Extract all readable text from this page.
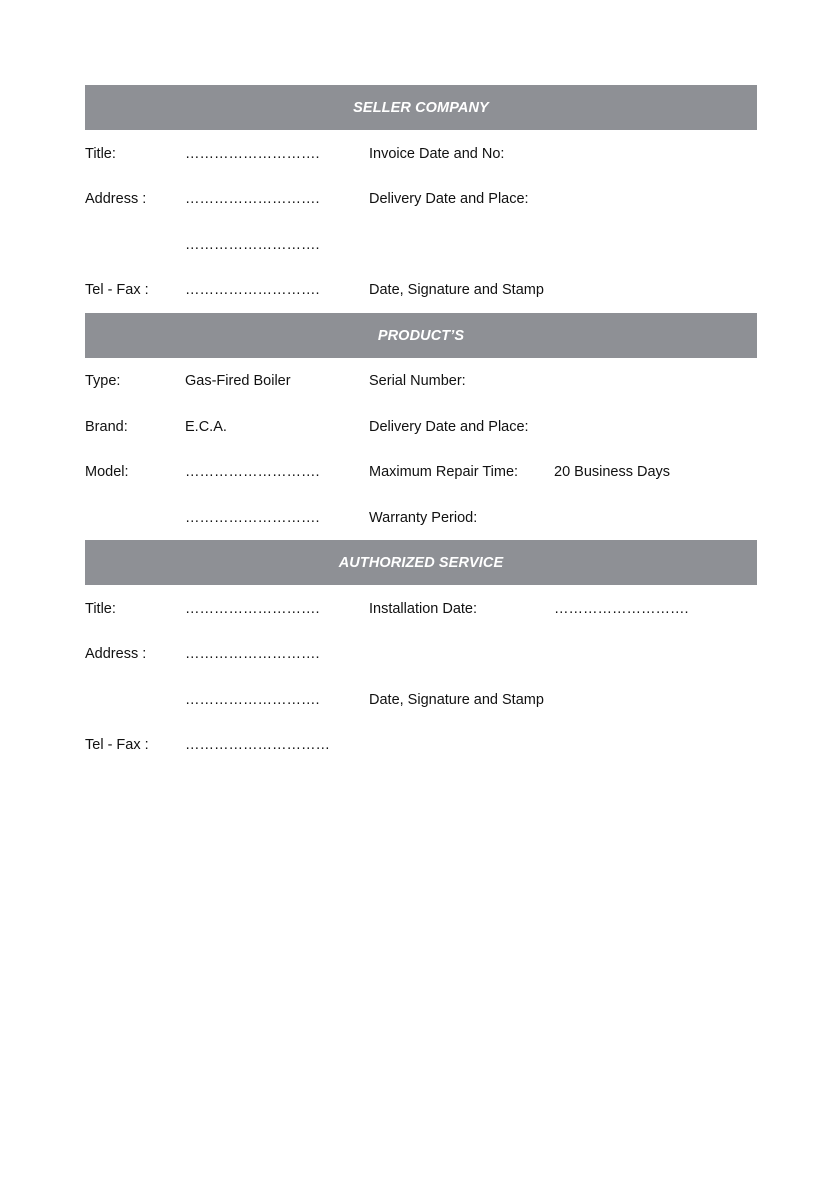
SELLER COMPANY
Title:	……………………….	Invoice Date and No:
Address :	……………………….	Delivery Date and Place:
……………………….
Tel - Fax :	……………………….	Date, Signature and Stamp
PRODUCT’S
Type:	Gas-Fired Boiler	Serial Number:
Brand:	E.C.A.	Delivery Date and Place:
Model:	……………………….	Maximum Repair Time: 20 Business Days
……………………….	Warranty Period:
AUTHORIZED SERVICE
Title:	……………………….	Installation Date:	……………………….
Address :	……………………….
……………………….	Date, Signature and Stamp
Tel - Fax :	…………………………
